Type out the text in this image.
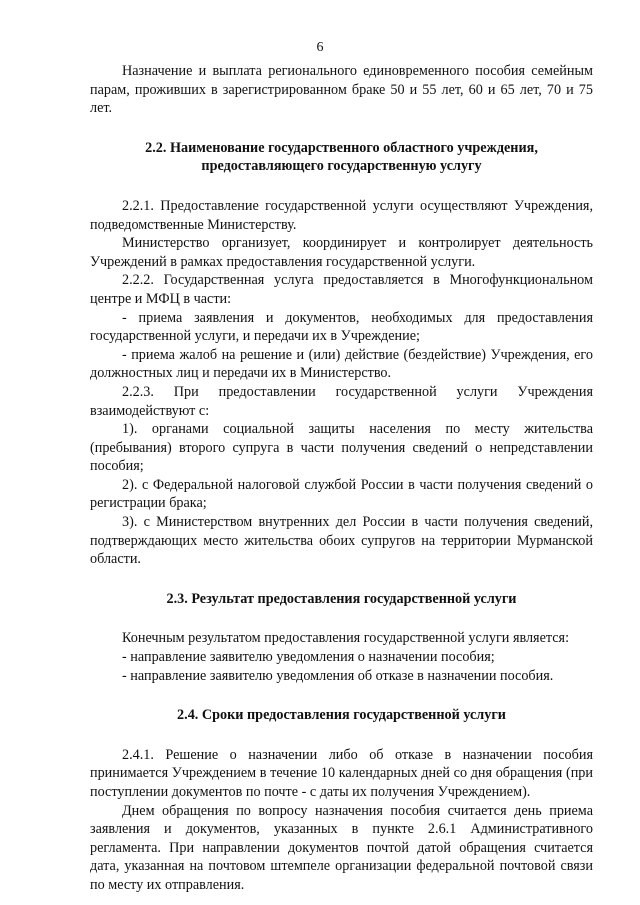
6

Назначение и выплата регионального единовременного пособия семейным парам, проживших в зарегистрированном браке 50 и 55 лет, 60 и 65 лет, 70 и 75 лет.

2.2. Наименование государственного областного учреждения,
предоставляющего государственную услугу

2.2.1. Предоставление государственной услуги осуществляют Учреждения, подведомственные Министерству.

Министерство организует, координирует и контролирует деятельность Учреждений в рамках предоставления государственной услуги.

2.2.2. Государственная услуга предоставляется в Многофункциональном центре и МФЦ в части:

- приема заявления и документов, необходимых для предоставления государственной услуги, и передачи их в Учреждение;

- приема жалоб на решение и (или) действие (бездействие) Учреждения, его должностных лиц и передачи их в Министерство.

2.2.3. При предоставлении государственной услуги Учреждения взаимодействуют с:

1). органами социальной защиты населения по месту жительства (пребывания) второго супруга в части получения сведений о непредставлении пособия;

2). с Федеральной налоговой службой России в части получения сведений о регистрации брака;

3). с Министерством внутренних дел России в части получения сведений, подтверждающих место жительства обоих супругов на территории Мурманской области.

2.3. Результат предоставления государственной услуги

Конечным результатом предоставления государственной услуги является:

- направление заявителю уведомления о назначении пособия;

- направление заявителю уведомления об отказе в назначении пособия.

2.4. Сроки предоставления государственной услуги

2.4.1. Решение о назначении либо об отказе в назначении пособия принимается Учреждением в течение 10 календарных дней со дня обращения (при поступлении документов по почте - с даты их получения Учреждением).

Днем обращения по вопросу назначения пособия считается день приема заявления и документов, указанных в пункте 2.6.1 Административного регламента. При направлении документов почтой датой обращения считается дата, указанная на почтовом штемпеле организации федеральной почтовой связи по месту их отправления.
